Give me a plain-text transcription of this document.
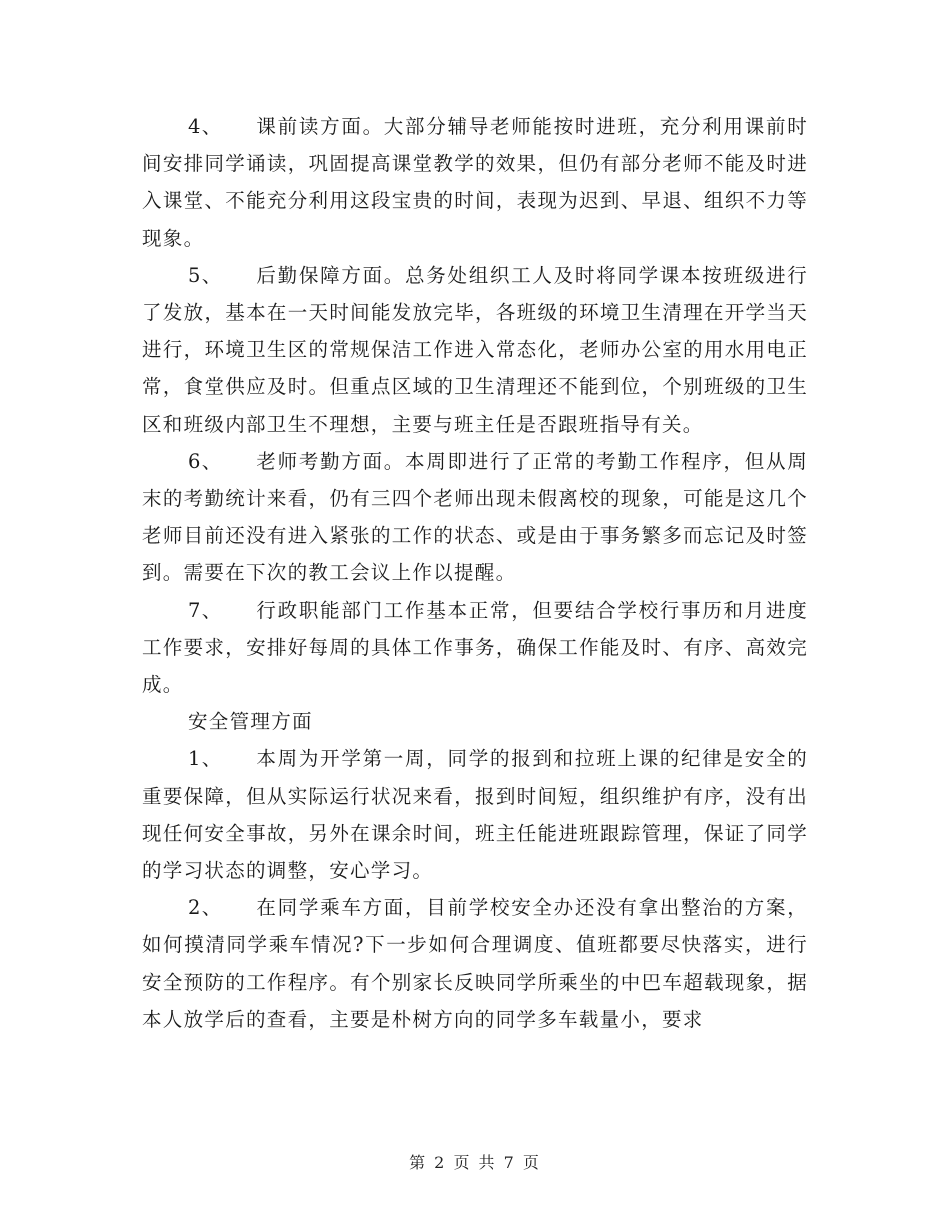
4、 课前读方面。大部分辅导老师能按时进班，充分利用课前时间安排同学诵读，巩固提高课堂教学的效果，但仍有部分老师不能及时进入课堂、不能充分利用这段宝贵的时间，表现为迟到、早退、组织不力等现象。

5、 后勤保障方面。总务处组织工人及时将同学课本按班级进行了发放，基本在一天时间能发放完毕，各班级的环境卫生清理在开学当天进行，环境卫生区的常规保洁工作进入常态化，老师办公室的用水用电正常，食堂供应及时。但重点区域的卫生清理还不能到位，个别班级的卫生区和班级内部卫生不理想，主要与班主任是否跟班指导有关。

6、 老师考勤方面。本周即进行了正常的考勤工作程序，但从周末的考勤统计来看，仍有三四个老师出现未假离校的现象，可能是这几个老师目前还没有进入紧张的工作的状态、或是由于事务繁多而忘记及时签到。需要在下次的教工会议上作以提醒。

7、 行政职能部门工作基本正常，但要结合学校行事历和月进度工作要求，安排好每周的具体工作事务，确保工作能及时、有序、高效完成。

安全管理方面

1、 本周为开学第一周，同学的报到和拉班上课的纪律是安全的重要保障，但从实际运行状况来看，报到时间短，组织维护有序，没有出现任何安全事故，另外在课余时间，班主任能进班跟踪管理，保证了同学的学习状态的调整，安心学习。

2、 在同学乘车方面，目前学校安全办还没有拿出整治的方案，如何摸清同学乘车情况?下一步如何合理调度、值班都要尽快落实，进行安全预防的工作程序。有个别家长反映同学所乘坐的中巴车超载现象，据本人放学后的查看，主要是朴树方向的同学多车载量小，要求

第 2 页 共 7 页
